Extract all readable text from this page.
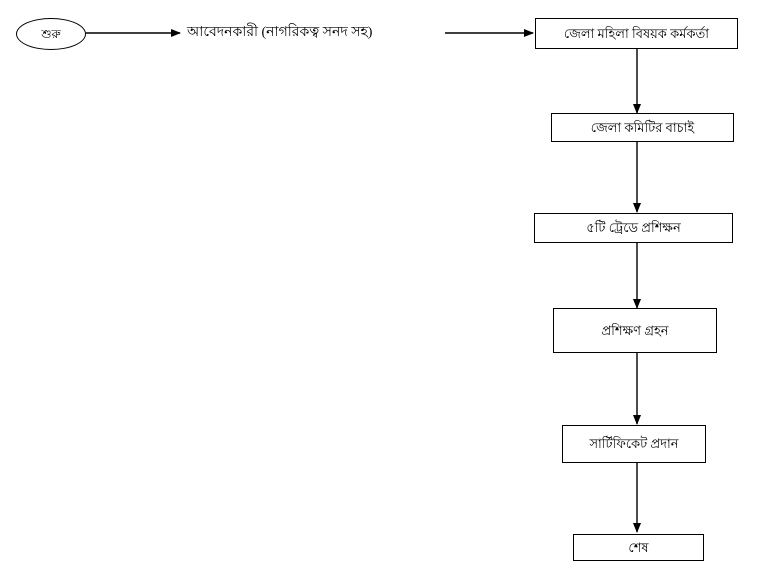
শুরু	আবেদনকারী (নাগরিকত্ব সনদ সহ)	জেলা মহিলা বিষয়ক কর্মকর্তা
জেলা কমিটির বাচাই
৫টি ট্রেডে প্রশিক্ষন
প্রশিক্ষণ গ্রহন
সার্টিফিকেট প্রদান
শেষ
